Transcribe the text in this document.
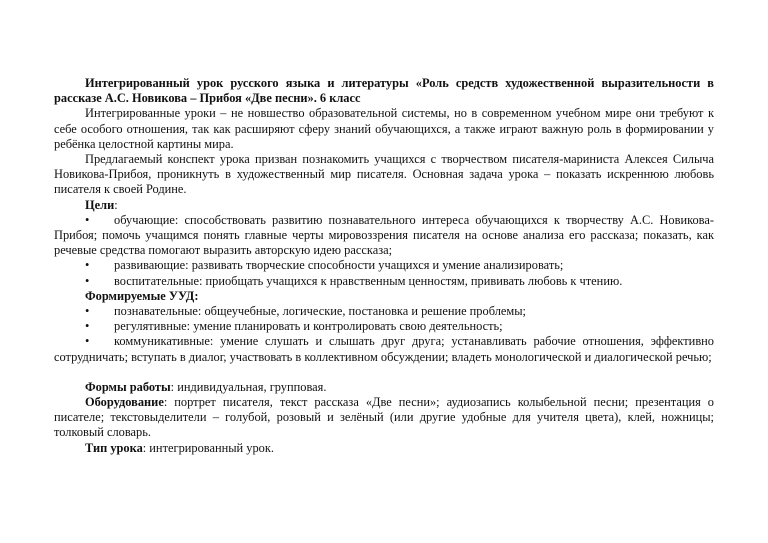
Интегрированный урок русского языка и литературы «Роль средств художественной выразительности в рассказе А.С. Новикова – Прибоя «Две песни». 6 класс

Интегрированные уроки – не новшество образовательной системы, но в современном учебном мире они требуют к себе особого отношения, так как расширяют сферу знаний обучающихся, а также играют важную роль в формировании у ребёнка целостной картины мира.

Предлагаемый конспект урока призван познакомить учащихся с творчеством писателя-мариниста Алексея Силыча Новикова-Прибоя, проникнуть в художественный мир писателя. Основная задача урока – показать искреннюю любовь писателя к своей Родине.

Цели:

• обучающие: способствовать развитию познавательного интереса обучающихся к творчеству А.С. Новикова-Прибоя; помочь учащимся понять главные черты мировоззрения писателя на основе анализа его рассказа; показать, как речевые средства помогают выразить авторскую идею рассказа;

• развивающие: развивать творческие способности учащихся и умение анализировать;

• воспитательные: приобщать учащихся к нравственным ценностям, прививать любовь к чтению.

Формируемые УУД:

• познавательные: общеучебные, логические, постановка и решение проблемы;

• регулятивные: умение планировать и контролировать свою деятельность;

• коммуникативные: умение слушать и слышать друг друга; устанавливать рабочие отношения, эффективно сотрудничать; вступать в диалог, участвовать в коллективном обсуждении; владеть монологической и диалогической речью;

Формы работы: индивидуальная, групповая.

Оборудование: портрет писателя, текст рассказа «Две песни»; аудиозапись колыбельной песни; презентация о писателе; текстовыделители – голубой, розовый и зелёный (или другие удобные для учителя цвета), клей, ножницы; толковый словарь.

Тип урока: интегрированный урок.
